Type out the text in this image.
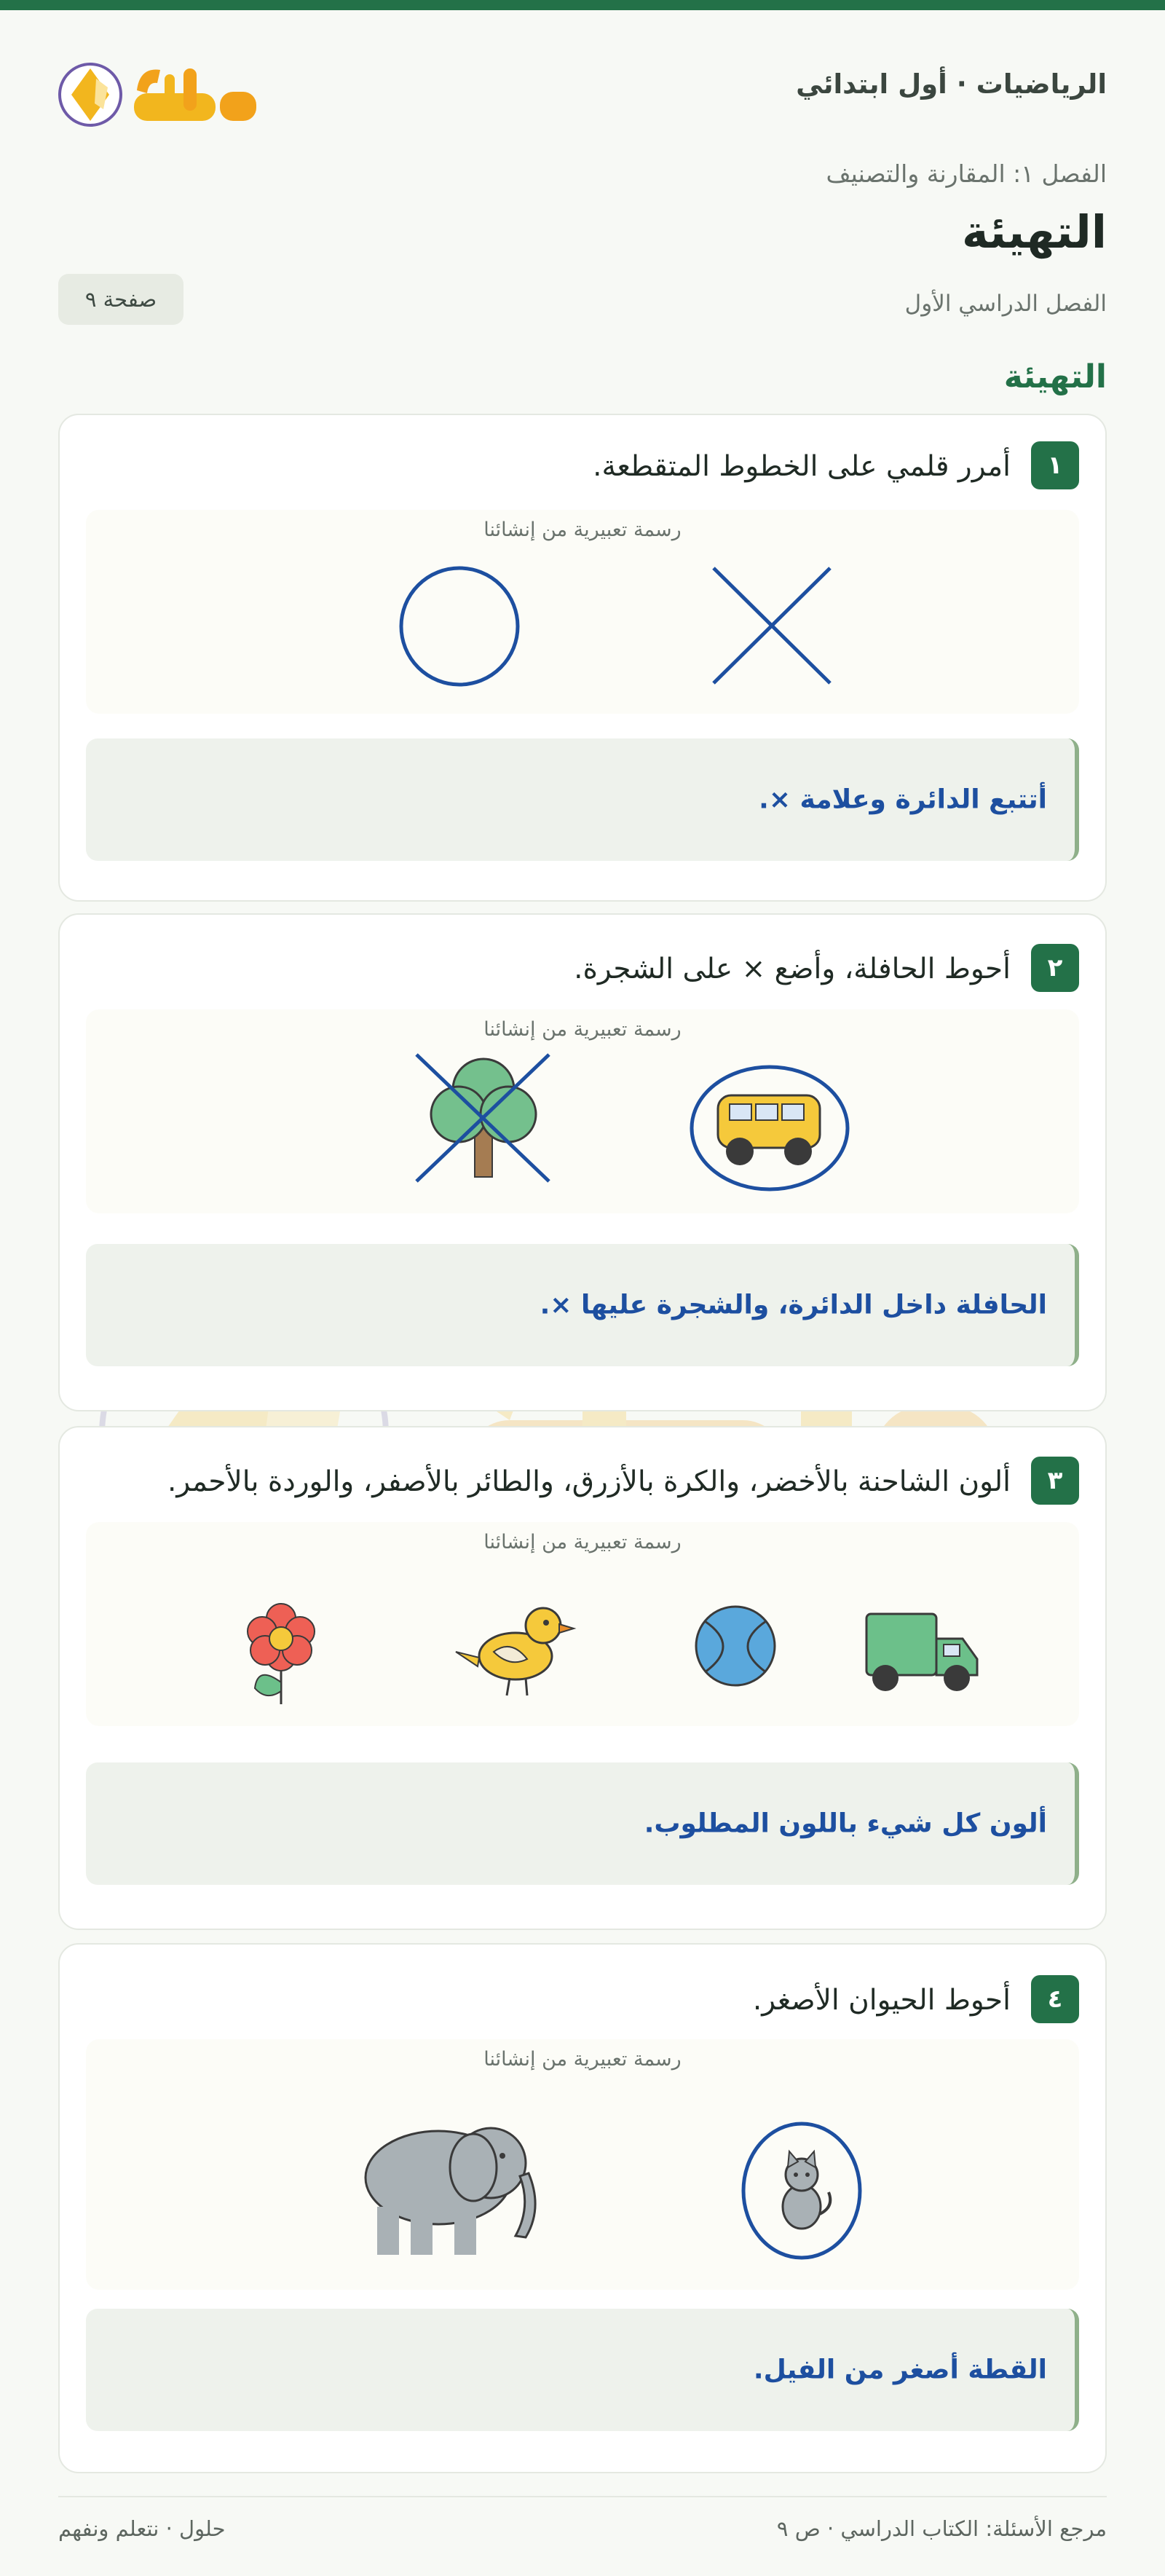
الرياضيات · أول ابتدائي
الفصل ١: المقارنة والتصنيف
التهيئة
الفصل الدراسي الأول
صفحة ٩
التهيئة
١
أمرر قلمي على الخطوط المتقطعة.
رسمة تعبيرية من إنشائنا
أتتبع الدائرة وعلامة ×.
٢
أحوط الحافلة، وأضع × على الشجرة.
رسمة تعبيرية من إنشائنا
الحافلة داخل الدائرة، والشجرة عليها ×.
٣
ألون الشاحنة بالأخضر، والكرة بالأزرق، والطائر بالأصفر، والوردة بالأحمر.
رسمة تعبيرية من إنشائنا
ألون كل شيء باللون المطلوب.
٤
أحوط الحيوان الأصغر.
رسمة تعبيرية من إنشائنا
القطة أصغر من الفيل.
مرجع الأسئلة: الكتاب الدراسي · ص ٩
حلول · نتعلم ونفهم
